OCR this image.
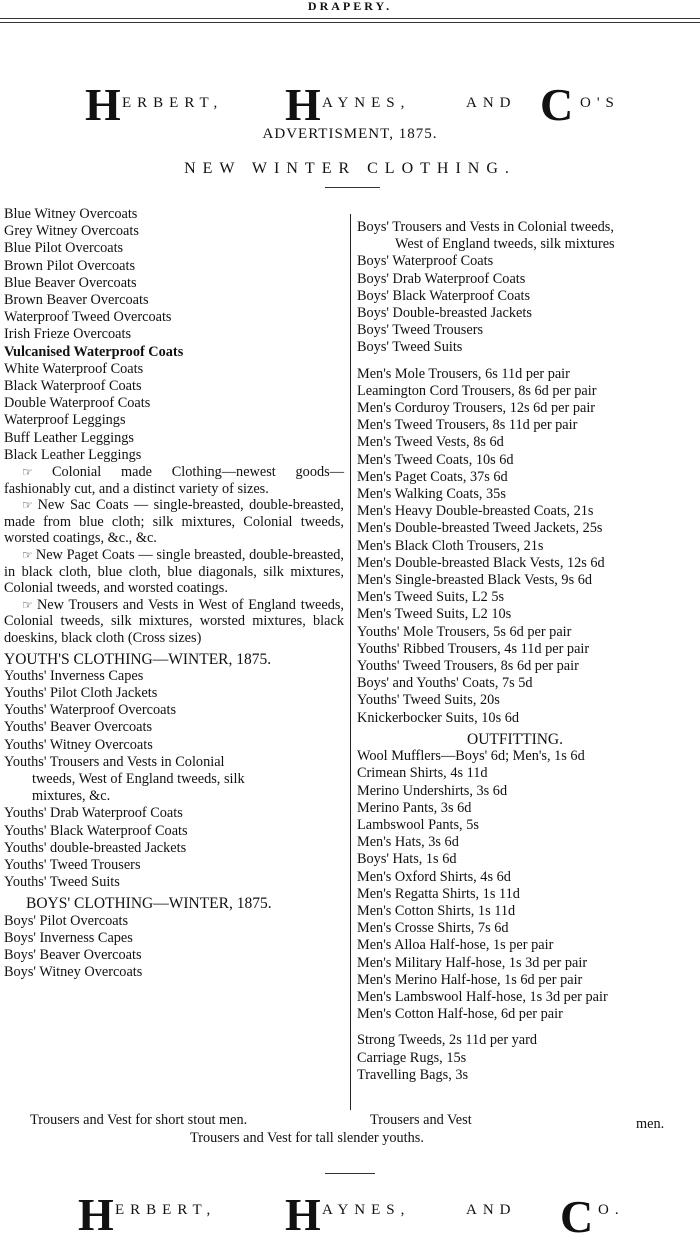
DRAPERY.
H ERBERT, H AYNES,	AND C O'S
ADVERTISMENT, 1875.
NEW WINTER CLOTHING.
Blue Witney Overcoats
Grey Witney Overcoats
Blue Pilot Overcoats
Brown Pilot Overcoats
Blue Beaver Overcoats
Brown Beaver Overcoats
Waterproof Tweed Overcoats
Irish Frieze Overcoats
Vulcanised Waterproof Coats
White Waterproof Coats
Black Waterproof Coats
Double Waterproof Coats
Waterproof Leggings
Buff Leather Leggings
Black Leather Leggings
☞ Colonial made Clothing—newest goods—fashionably cut, and a distinct variety of sizes.
☞ New Sac Coats — single-breasted, double-breasted, made from blue cloth; silk mixtures, Colonial tweeds, worsted coatings, &c., &c.
☞ New Paget Coats — single breasted, double-breasted, in black cloth, blue cloth, blue diagonals, silk mixtures, Colonial tweeds, and worsted coatings.
☞ New Trousers and Vests in West of England tweeds, Colonial tweeds, silk mixtures, worsted mixtures, black doeskins, black cloth (Cross sizes)
YOUTH'S CLOTHING—WINTER, 1875.
Youths' Inverness Capes
Youths' Pilot Cloth Jackets
Youths' Waterproof Overcoats
Youths' Beaver Overcoats
Youths' Witney Overcoats
Youths' Trousers and Vests in Colonial
tweeds, West of England tweeds, silk
mixtures, &c.
Youths' Drab Waterproof Coats
Youths' Black Waterproof Coats
Youths' double-breasted Jackets
Youths' Tweed Trousers
Youths' Tweed Suits
BOYS' CLOTHING—WINTER, 1875.
Boys' Pilot Overcoats
Boys' Inverness Capes
Boys' Beaver Overcoats
Boys' Witney Overcoats
Boys' Trousers and Vests in Colonial tweeds,
West of England tweeds, silk mixtures
Boys' Waterproof Coats
Boys' Drab Waterproof Coats
Boys' Black Waterproof Coats
Boys' Double-breasted Jackets
Boys' Tweed Trousers
Boys' Tweed Suits
Men's Mole Trousers, 6s 11d per pair
Leamington Cord Trousers, 8s 6d per pair
Men's Corduroy Trousers, 12s 6d per pair
Men's Tweed Trousers, 8s 11d per pair
Men's Tweed Vests, 8s 6d
Men's Tweed Coats, 10s 6d
Men's Paget Coats, 37s 6d
Men's Walking Coats, 35s
Men's Heavy Double-breasted Coats, 21s
Men's Double-breasted Tweed Jackets, 25s
Men's Black Cloth Trousers, 21s
Men's Double-breasted Black Vests, 12s 6d
Men's Single-breasted Black Vests, 9s 6d
Men's Tweed Suits, L2 5s
Men's Tweed Suits, L2 10s
Youths' Mole Trousers, 5s 6d per pair
Youths' Ribbed Trousers, 4s 11d per pair
Youths' Tweed Trousers, 8s 6d per pair
Boys' and Youths' Coats, 7s 5d
Youths' Tweed Suits, 20s
Knickerbocker Suits, 10s 6d
OUTFITTING.
Wool Mufflers—Boys' 6d; Men's, 1s 6d
Crimean Shirts, 4s 11d
Merino Undershirts, 3s 6d
Merino Pants, 3s 6d
Lambswool Pants, 5s
Men's Hats, 3s 6d
Boys' Hats, 1s 6d
Men's Oxford Shirts, 4s 6d
Men's Regatta Shirts, 1s 11d
Men's Cotton Shirts, 1s 11d
Men's Crosse Shirts, 7s 6d
Men's Alloa Half-hose, 1s per pair
Men's Military Half-hose, 1s 3d per pair
Men's Merino Half-hose, 1s 6d per pair
Men's Lambswool Half-hose, 1s 3d per pair
Men's Cotton Half-hose, 6d per pair
Strong Tweeds, 2s 11d per yard
Carriage Rugs, 15s
Travelling Bags, 3s
Trousers and Vest for short stout men.	Trousers and Vest	men.
Trousers and Vest for tall slender youths.
H ERBERT, H AYNES,	AND C O.
